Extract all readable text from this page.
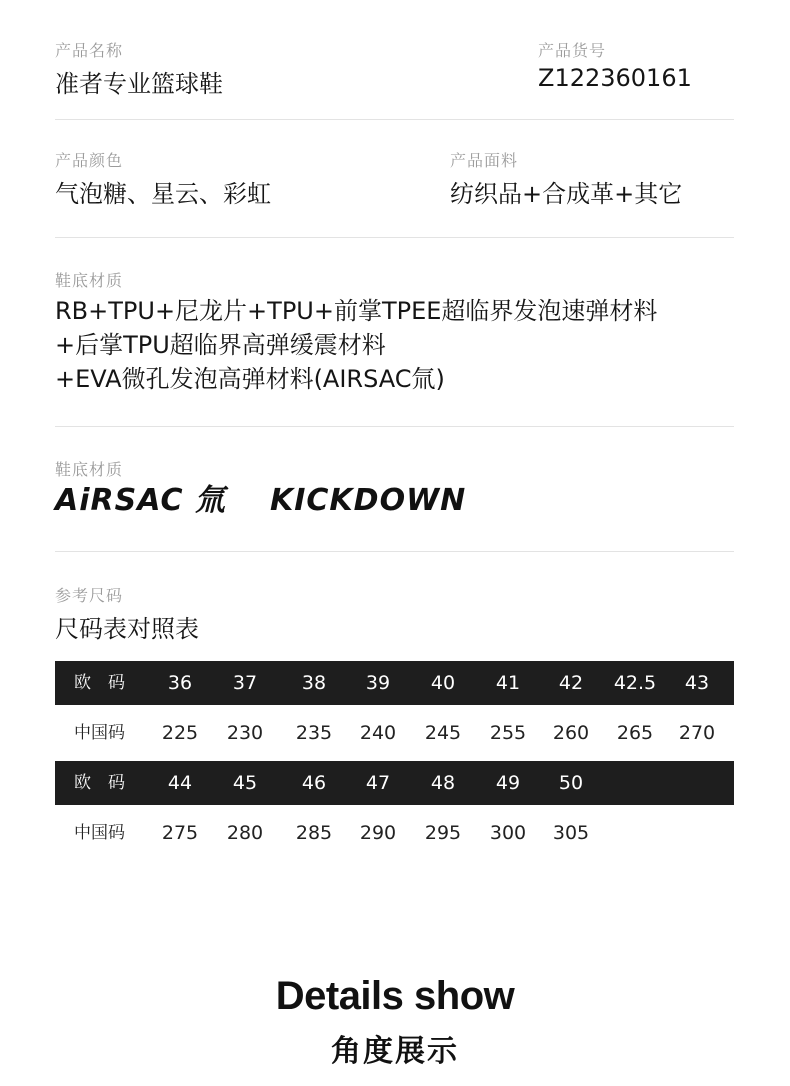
产品名称
准者专业篮球鞋
产品货号
Z122360161
产品颜色
气泡糖、星云、彩虹
产品面料
纺织品+合成革+其它
鞋底材质
RB+TPU+尼龙片+TPU+前掌TPEE超临界发泡速弹材料
+后掌TPU超临界高弹缓震材料
+EVA微孔发泡高弹材料(AIRSAC氚)
鞋底材质
AiRSAC 氚 KICKDOWN
参考尺码
尺码表对照表
欧　码 36 37 38 39 40 41 42 42.5 43
中国码 225 230 235 240 245 255 260 265 270
欧　码 44 45 46 47 48 49 50
中国码 275 280 285 290 295 300 305
Details show
角度展示
